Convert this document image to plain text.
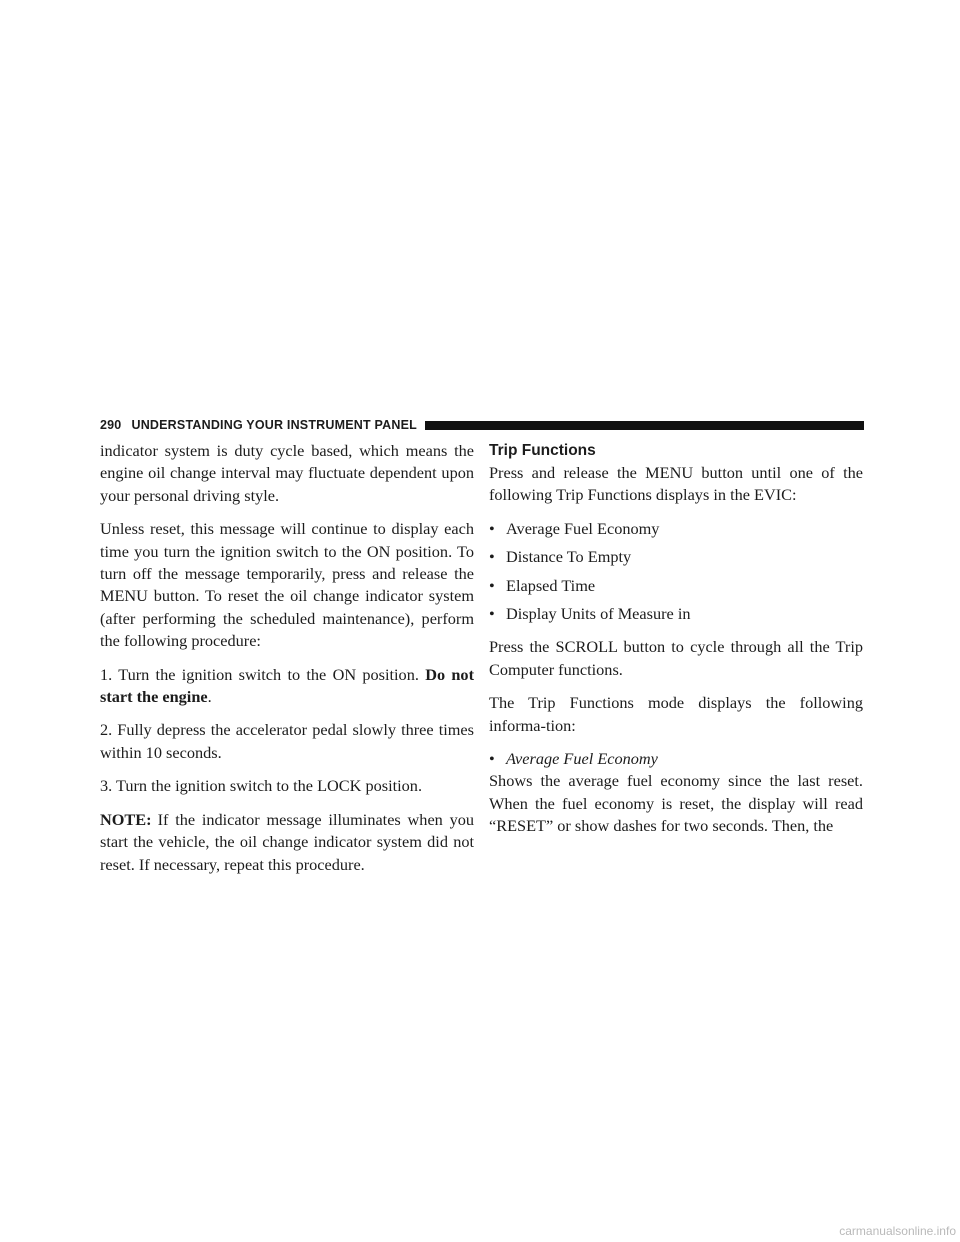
290 UNDERSTANDING YOUR INSTRUMENT PANEL

indicator system is duty cycle based, which means the engine oil change interval may fluctuate dependent upon your personal driving style.

Unless reset, this message will continue to display each time you turn the ignition switch to the ON position. To turn off the message temporarily, press and release the MENU button. To reset the oil change indicator system (after performing the scheduled maintenance), perform the following procedure:

1. Turn the ignition switch to the ON position. Do not start the engine.

2. Fully depress the accelerator pedal slowly three times within 10 seconds.

3. Turn the ignition switch to the LOCK position.

NOTE: If the indicator message illuminates when you start the vehicle, the oil change indicator system did not reset. If necessary, repeat this procedure.

Trip Functions

Press and release the MENU button until one of the following Trip Functions displays in the EVIC:

• Average Fuel Economy
• Distance To Empty
• Elapsed Time
• Display Units of Measure in

Press the SCROLL button to cycle through all the Trip Computer functions.

The Trip Functions mode displays the following informa-tion:

• Average Fuel Economy

Shows the average fuel economy since the last reset. When the fuel economy is reset, the display will read “RESET” or show dashes for two seconds. Then, the

carmanualsonline.info
